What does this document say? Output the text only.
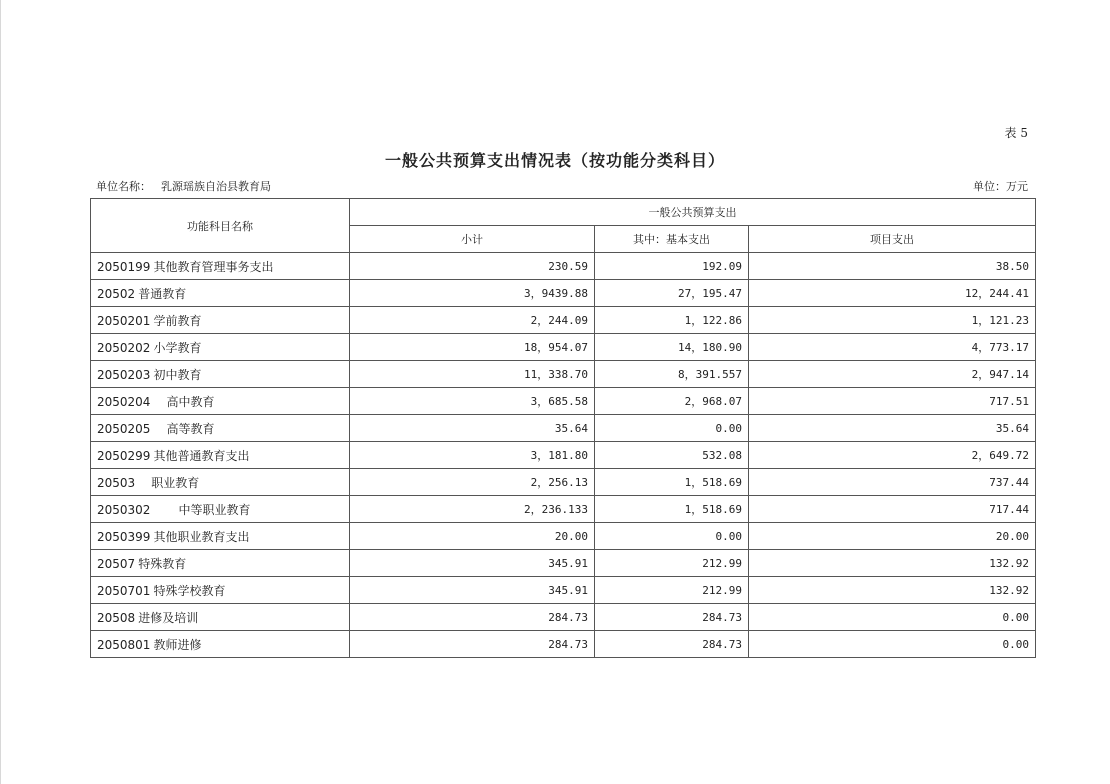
表 5
一般公共预算支出情况表（按功能分类科目）
单位名称： 乳源瑶族自治县教育局	单位：万元
功能科目名称	一般公共预算支出		
	小计	其中：基本支出	项目支出
2050199 其他教育管理事务支出	230.59	192.09	38.50
20502 普通教育	3，9439.88	27，195.47	12，244.41
2050201 学前教育	2，244.09	1，122.86	1，121.23
2050202 小学教育	18，954.07	14，180.90	4，773.17
2050203 初中教育	11，338.70	8，391.557	2，947.14
2050204 高中教育	3，685.58	2，968.07	717.51
2050205 高等教育	35.64	0.00	35.64
2050299 其他普通教育支出	3，181.80	532.08	2，649.72
20503 职业教育	2，256.13	1，518.69	737.44
2050302 中等职业教育	2，236.133	1，518.69	717.44
2050399 其他职业教育支出	20.00	0.00	20.00
20507 特殊教育	345.91	212.99	132.92
2050701 特殊学校教育	345.91	212.99	132.92
20508 进修及培训	284.73	284.73	0.00
2050801 教师进修	284.73	284.73	0.00
